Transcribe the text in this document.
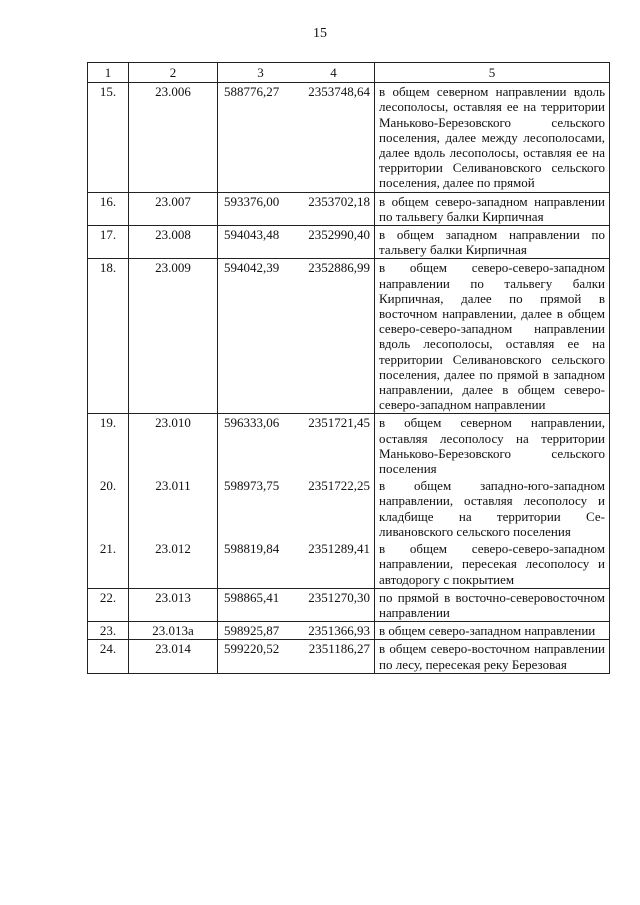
15
1	2	3 4	5
15.	23.006	588776,27 2353748,64	в общем северном направлении вдоль лесополосы, оставляя ее на территории Маньково-Березовского сельского поселения, далее между лесополосами, далее вдоль лесополосы, оставляя ее на территории Селивановского сельского поселения, далее по прямой
16.	23.007	593376,00 2353702,18	в общем северо-западном направлении по тальвегу балки Кирпичная
17.	23.008	594043,48 2352990,40	в общем западном направлении по тальвегу балки Кирпичная
18.	23.009	594042,39 2352886,99	в общем северо-северо-западном направлении по тальвегу балки Кирпичная, далее по прямой в восточном направлении, далее в общем северо-северо-западном направлении вдоль лесополосы, оставляя ее на территории Селивановского сельского поселения, далее по прямой в западном направлении, далее в общем северо-северо-западном направлении
19.	23.010	596333,06 2351721,45	в общем северном направлении, оставляя лесополосу на территории Маньково-Березовского сельского поселения
20.	23.011	598973,75 2351722,25	в общем западно-юго-западном направлении, оставляя лесополосу и кладбище на территории Селивановского сельского поселения
21.	23.012	598819,84 2351289,41	в общем северо-северо-западном направлении, пересекая лесополосу и автодорогу с покрытием
22.	23.013	598865,41 2351270,30	по прямой в восточно-северовосточном направлении
23.	23.013а	598925,87 2351366,93	в общем северо-западном направлении
24.	23.014	599220,52 2351186,27	в общем северо-восточном направлении по лесу, пересекая реку Березовая
